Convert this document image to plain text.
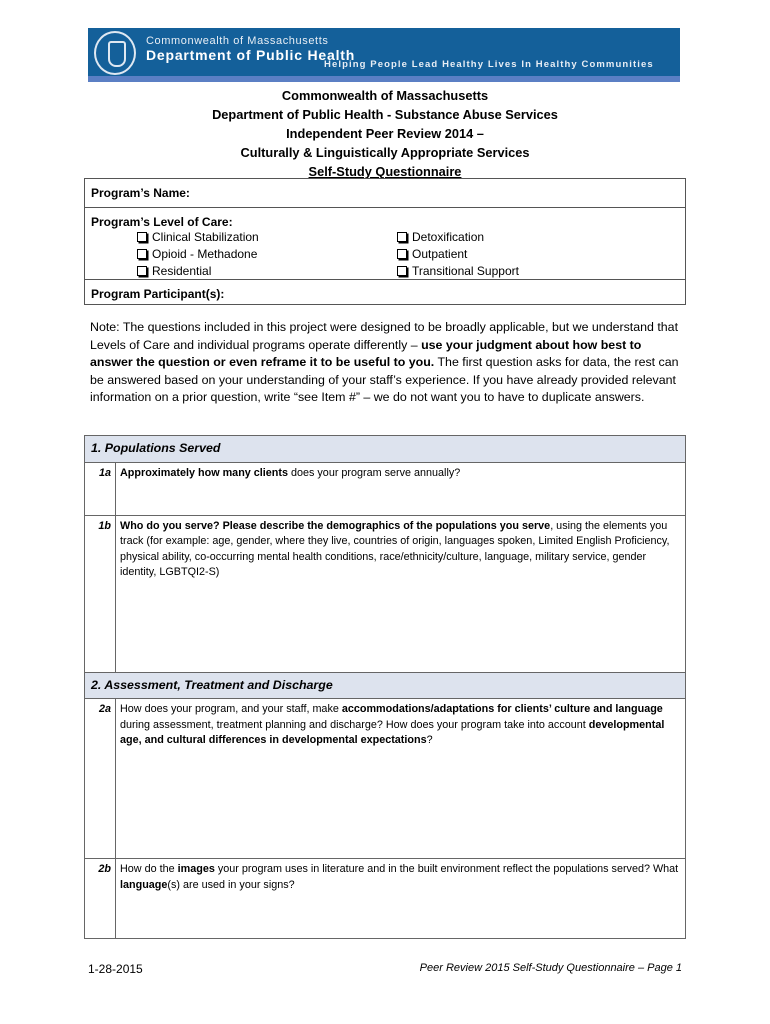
Commonwealth of Massachusetts
Department of Public Health
Helping People Lead Healthy Lives In Healthy Communities
Commonwealth of Massachusetts
Department of Public Health - Substance Abuse Services
Independent Peer Review 2014 –
Culturally & Linguistically Appropriate Services
Self-Study Questionnaire
Program’s Name:
Program’s Level of Care:
Clinical Stabilization	Detoxification
Opioid - Methadone	Outpatient
Residential	Transitional Support
Program Participant(s):
Note: The questions included in this project were designed to be broadly applicable, but we understand that Levels of Care and individual programs operate differently – use your judgment about how best to answer the question or even reframe it to be useful to you. The first question asks for data, the rest can be answered based on your understanding of your staff’s experience. If you have already provided relevant information on a prior question, write “see Item #” – we do not want you to have to duplicate answers.
1. Populations Served	
1a	Approximately how many clients does your program serve annually?
1b	Who do you serve? Please describe the demographics of the populations you serve, using the elements you track (for example: age, gender, where they live, countries of origin, languages spoken, Limited English Proficiency, physical ability, co-occurring mental health conditions, race/ethnicity/culture, language, military service, gender identity, LGBTQI2-S)
2. Assessment, Treatment and Discharge	
2a	How does your program, and your staff, make accommodations/adaptations for clients’ culture and language during assessment, treatment planning and discharge? How does your program take into account developmental age, and cultural differences in developmental expectations?
2b	How do the images your program uses in literature and in the built environment reflect the populations served? What language(s) are used in your signs?
1-28-2015	Peer Review 2015 Self-Study Questionnaire – Page 1
